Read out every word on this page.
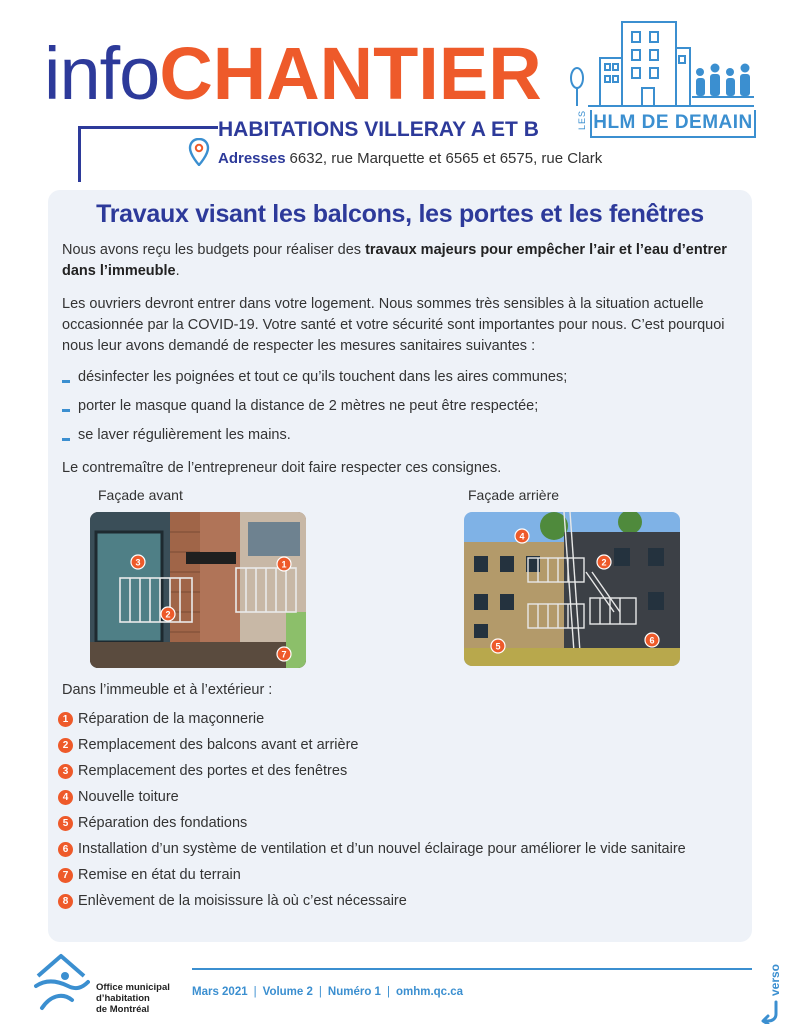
infoCHANTIER
HABITATIONS VILLERAY A ET B
Adresses 6632, rue Marquette et 6565 et 6575, rue Clark
LES HLM DE DEMAIN
Travaux visant les balcons, les portes et les fenêtres

Nous avons reçu les budgets pour réaliser des travaux majeurs pour empêcher l’air et l’eau d’entrer dans l’immeuble.

Les ouvriers devront entrer dans votre logement. Nous sommes très sensibles à la situation actuelle occasionnée par la COVID-19. Votre santé et votre sécurité sont importantes pour nous. C’est pourquoi nous leur avons demandé de respecter les mesures sanitaires suivantes :

désinfecter les poignées et tout ce qu’ils touchent dans les aires communes;
porter le masque quand la distance de 2 mètres ne peut être respectée;
se laver régulièrement les mains.

Le contremaître de l’entrepreneur doit faire respecter ces consignes.

Façade avant	Façade arrière
3
2
1
7
4
2
5
6

Dans l’immeuble et à l’extérieur :

1 Réparation de la maçonnerie
2 Remplacement des balcons avant et arrière
3 Remplacement des portes et des fenêtres
4 Nouvelle toiture
5 Réparation des fondations
6 Installation d’un système de ventilation et d’un nouvel éclairage pour améliorer le vide sanitaire
7 Remise en état du terrain
8 Enlèvement de la moisissure là où c’est nécessaire
Office municipal
d’habitation
de Montréal
Mars 2021 | Volume 2 | Numéro 1 | omhm.qc.ca	verso
